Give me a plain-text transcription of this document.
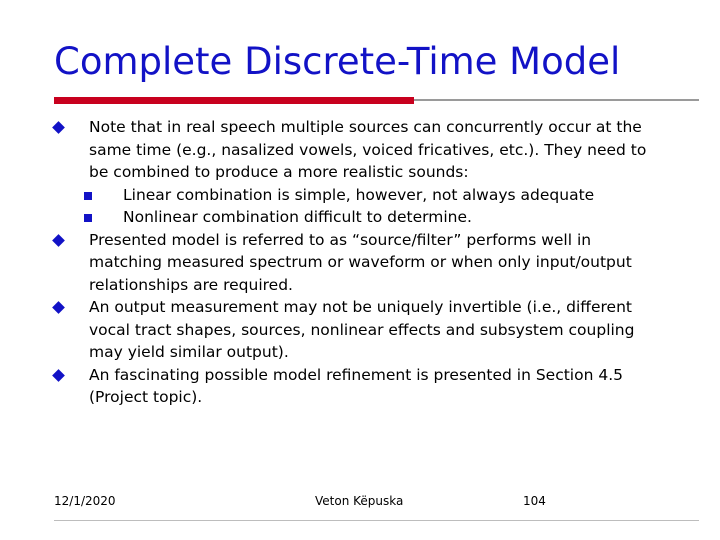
Complete Discrete-Time Model
Note that in real speech multiple sources can concurrently occur at the same time (e.g., nasalized vowels, voiced fricatives, etc.). They need to be combined to produce a more realistic sounds:
Linear combination is simple, however, not always adequate
Nonlinear combination difficult to determine.
Presented model is referred to as “source/filter” performs well in matching measured spectrum or waveform or when only input/output relationships are required.
An output measurement may not be uniquely invertible (i.e., different vocal tract shapes, sources, nonlinear effects and subsystem coupling may yield similar output).
An fascinating possible model refinement is presented in Section 4.5 (Project topic).
12/1/2020	Veton Këpuska	104
